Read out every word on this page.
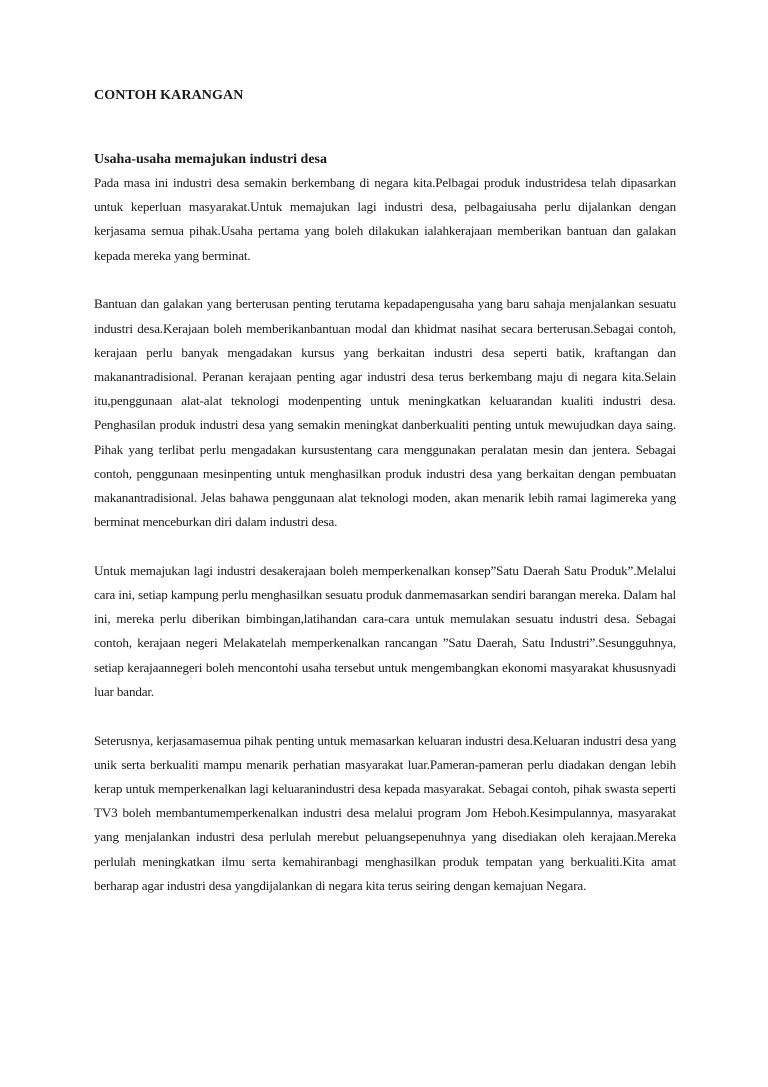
CONTOH KARANGAN
Usaha-usaha memajukan industri desa

Pada masa ini industri desa semakin berkembang di negara kita.Pelbagai produk industridesa telah dipasarkan untuk keperluan masyarakat.Untuk memajukan lagi industri desa, pelbagaiusaha perlu dijalankan dengan kerjasama semua pihak.Usaha pertama yang boleh dilakukan ialahkerajaan memberikan bantuan dan galakan kepada mereka yang berminat.

Bantuan dan galakan yang berterusan penting terutama kepadapengusaha yang baru sahaja menjalankan sesuatu industri desa.Kerajaan boleh memberikanbantuan modal dan khidmat nasihat secara berterusan.Sebagai contoh, kerajaan perlu banyak mengadakan kursus yang berkaitan industri desa seperti batik, kraftangan dan makanantradisional. Peranan kerajaan penting agar industri desa terus berkembang maju di negara kita.Selain itu,penggunaan alat-alat teknologi modenpenting untuk meningkatkan keluarandan kualiti industri desa. Penghasilan produk industri desa yang semakin meningkat danberkualiti penting untuk mewujudkan daya saing. Pihak yang terlibat perlu mengadakan kursustentang cara menggunakan peralatan mesin dan jentera. Sebagai contoh, penggunaan mesinpenting untuk menghasilkan produk industri desa yang berkaitan dengan pembuatan makanantradisional. Jelas bahawa penggunaan alat teknologi moden, akan menarik lebih ramai lagimereka yang berminat menceburkan diri dalam industri desa.

Untuk memajukan lagi industri desakerajaan boleh memperkenalkan konsep”Satu Daerah Satu Produk”.Melalui cara ini, setiap kampung perlu menghasilkan sesuatu produk danmemasarkan sendiri barangan mereka. Dalam hal ini, mereka perlu diberikan bimbingan,latihandan cara-cara untuk memulakan sesuatu industri desa. Sebagai contoh, kerajaan negeri Melakatelah memperkenalkan rancangan ”Satu Daerah, Satu Industri”.Sesungguhnya, setiap kerajaannegeri boleh mencontohi usaha tersebut untuk mengembangkan ekonomi masyarakat khususnyadi luar bandar.

Seterusnya, kerjasamasemua pihak penting untuk memasarkan keluaran industri desa.Keluaran industri desa yang unik serta berkualiti mampu menarik perhatian masyarakat luar.Pameran-pameran perlu diadakan dengan lebih kerap untuk memperkenalkan lagi keluaranindustri desa kepada masyarakat. Sebagai contoh, pihak swasta seperti TV3 boleh membantumemperkenalkan industri desa melalui program Jom Heboh.Kesimpulannya, masyarakat yang menjalankan industri desa perlulah merebut peluangsepenuhnya yang disediakan oleh kerajaan.Mereka perlulah meningkatkan ilmu serta kemahiranbagi menghasilkan produk tempatan yang berkualiti.Kita amat berharap agar industri desa yangdijalankan di negara kita terus seiring dengan kemajuan Negara.
